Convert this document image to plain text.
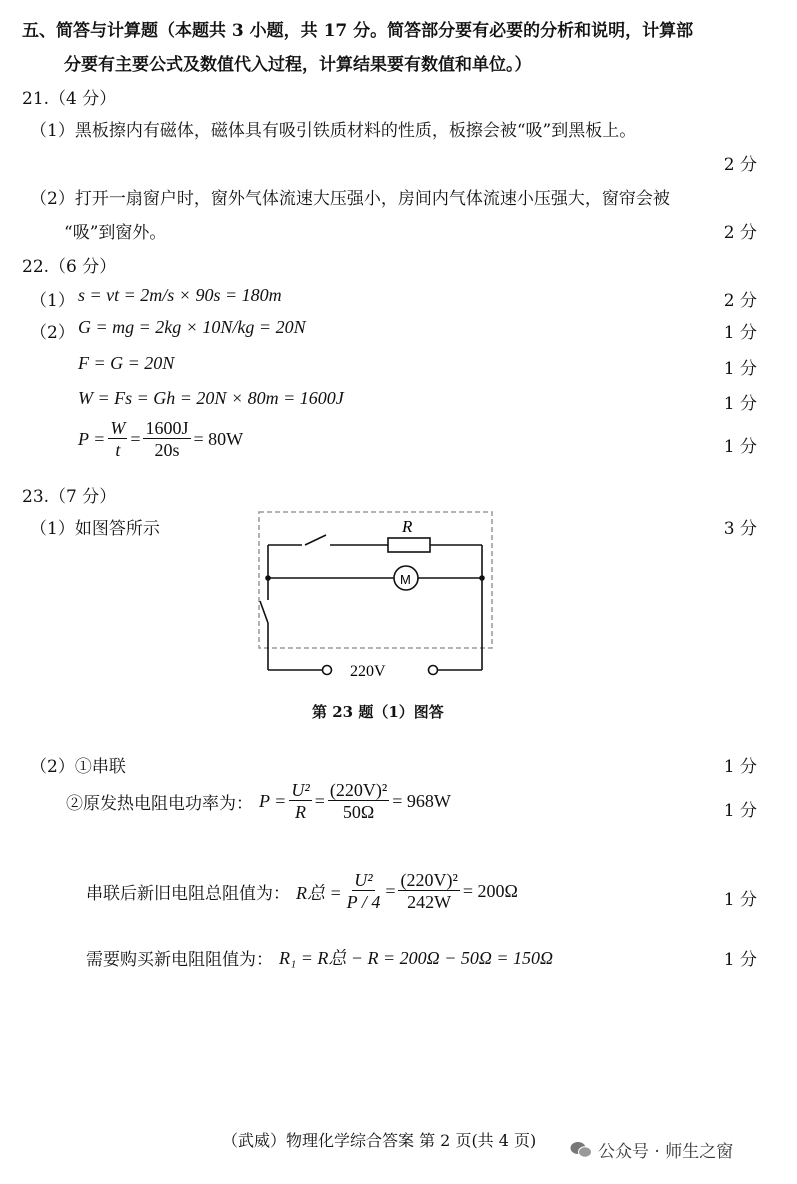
五、简答与计算题（本题共 3 小题，共 17 分。简答部分要有必要的分析和说明，计算部
分要有主要公式及数值代入过程，计算结果要有数值和单位。）
21.（4 分）
（1）黑板擦内有磁体，磁体具有吸引铁质材料的性质，板擦会被“吸”到黑板上。
2 分
（2）打开一扇窗户时，窗外气体流速大压强小，房间内气体流速小压强大，窗帘会被
“吸”到窗外。	2 分
22.（6 分）
（1） s = vt = 2m/s × 90s = 180m	2 分
（2） G = mg = 2kg × 10N/kg = 20N	1 分
F = G = 20N	1 分
W = Fs = Gh = 20N × 80m = 1600J	1 分
$P = \frac{W}{t} = \frac{1600J}{20s} = 80W$	1 分
23.（7 分）
（1）如图答所示	3 分
R
M
220V
第 23 题（1）图答
（2）①串联	1 分
②原发热电阻电功率为： $P = \frac{\text{U²}}{R} = \frac{\text{(220V)²}}{50\Omega} = 968W$	1 分
串联后新旧电阻总阻值为： R总 = $\frac{\text{U²}}{P / 4} = \frac{\text{(220V)²}}{242W} = 200\Omega$	1 分
需要购买新电阻阻值为： R₁ = R总 − R = 200Ω − 50Ω = 150Ω	1 分
（武威）物理化学综合答案 第 2 页(共 4 页)
公众号 · 师生之窗
